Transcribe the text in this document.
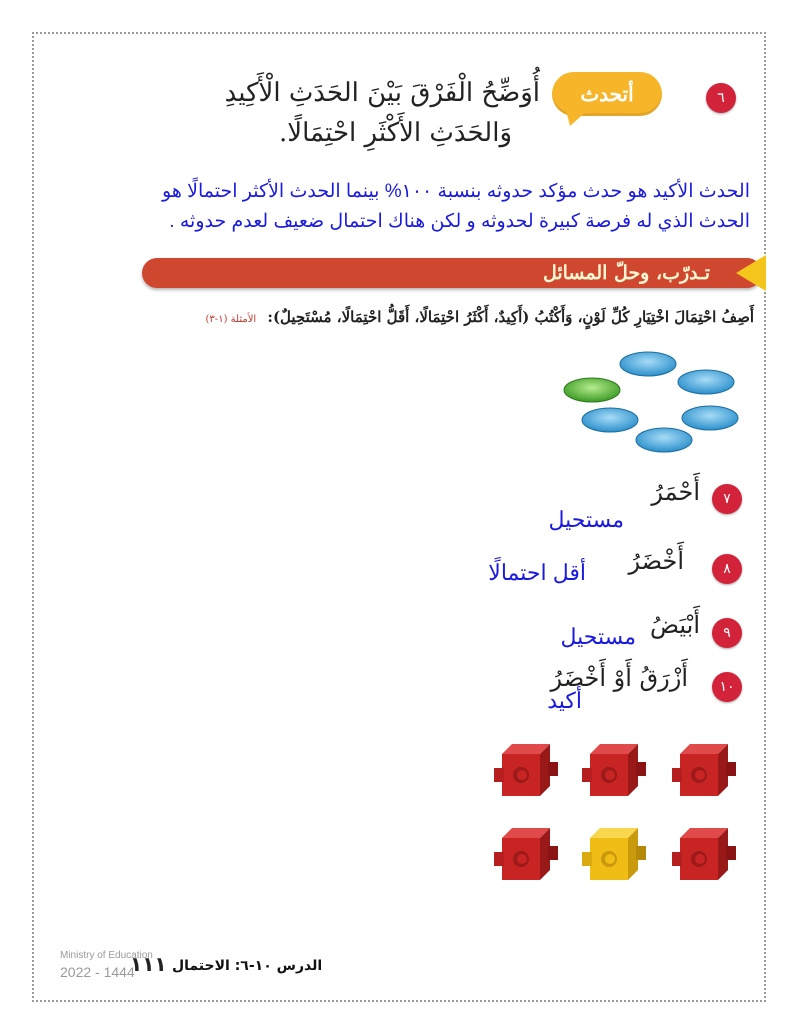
٦
أتحدث
أُوَضِّحُ الْفَرْقَ بَيْنَ الحَدَثِ الْأَكِيدِ
وَالحَدَثِ الأَكْثَرِ احْتِمَالًا.
الحدث الأكيد هو حدث مؤكد حدوثه بنسبة ١٠٠% بينما الحدث الأكثر احتمالًا هو
الحدث الذي له فرصة كبيرة لحدوثه و لكن هناك احتمال ضعيف لعدم حدوثه .
تـدرّب، وحلّ المسائل
أَصِفُ احْتِمَالَ اخْتِيَارِ كُلِّ لَوْنٍ، وَأَكْتُبُ (أَكِيدٌ، أَكْثَرُ احْتِمَالًا، أَقَلُّ احْتِمَالًا، مُسْتَحِيلٌ): الأمثلة (١-٣)
٧
أَحْمَرُ
مستحيل
٨
أَخْضَرُ
أقل احتمالًا
٩
أَبْيَضُ
مستحيل
١٠
أَزْرَقُ أَوْ أَخْضَرُ
أكيد
Ministry of Education
2022 - 1444
١١١ الدرس ١٠-٦: الاحتمال
